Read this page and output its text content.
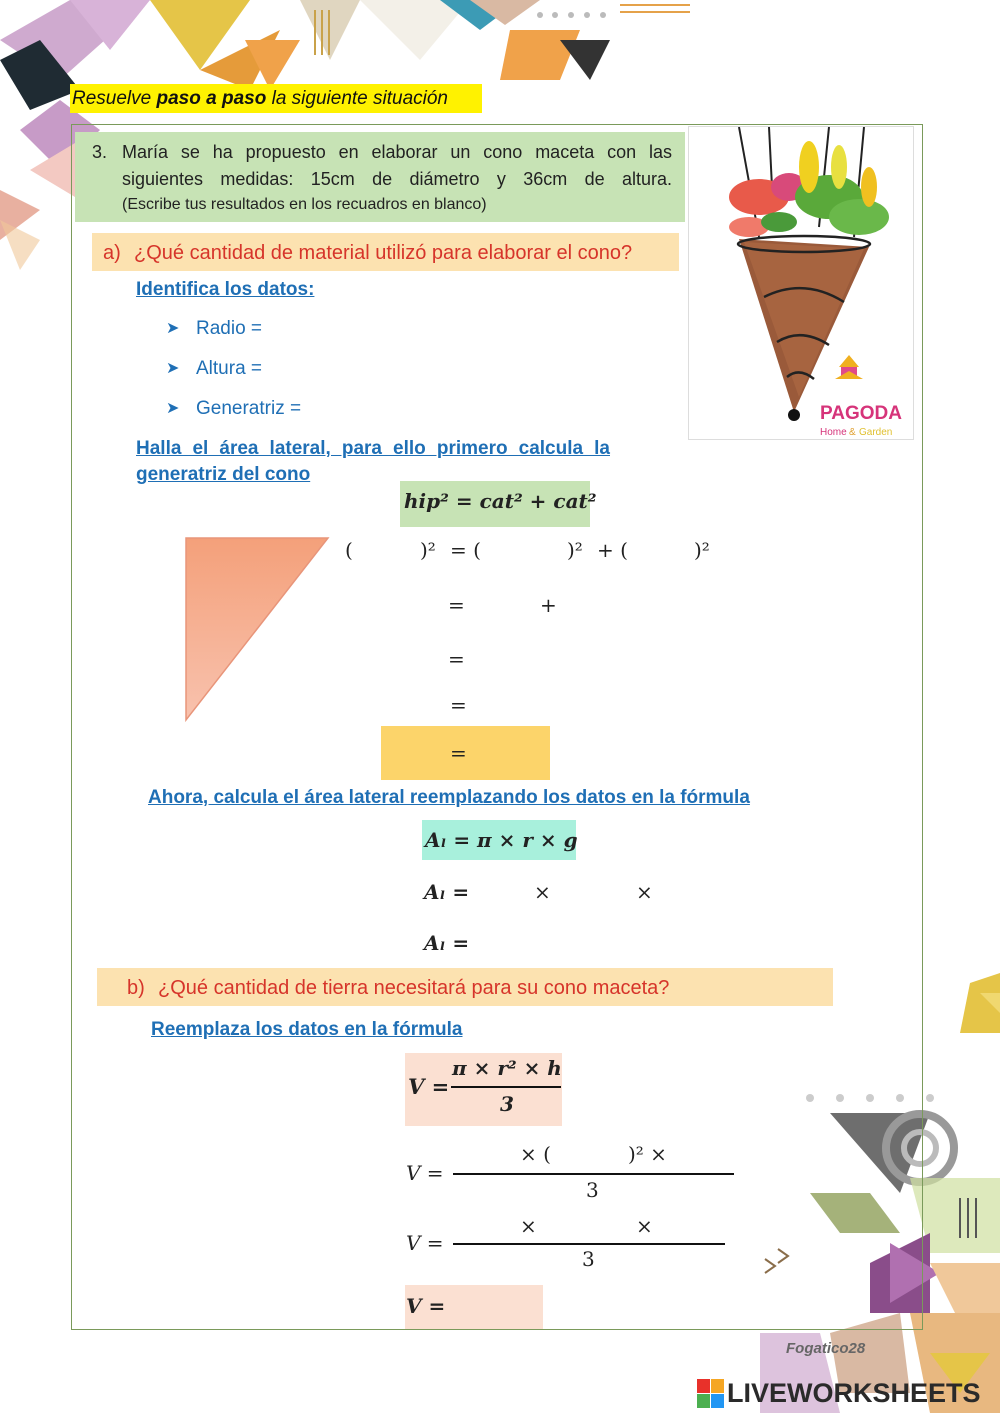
Resuelve paso a paso la siguiente situación
3. María se ha propuesto en elaborar un cono maceta con las
siguientes medidas: 15cm de diámetro y 36cm de altura.
(Escribe tus resultados en los recuadros en blanco)
PAGODA
Home & Garden
a) ¿Qué cantidad de material utilizó para elaborar el cono?
Identifica los datos:
➤ Radio =
➤ Altura =
➤ Generatriz =
Halla el área lateral, para ello primero calcula la
generatriz del cono
hip² = cat² + cat²
(	)² = (	)² + (	)²
=	+
=
=
=
Ahora, calcula el área lateral reemplazando los datos en la fórmula
Aₗ = π × r × g
Aₗ =	×	×
Aₗ =
b) ¿Qué cantidad de tierra necesitará para su cono maceta?
Reemplaza los datos en la fórmula
V =
π × r² × h
3
V =
× (	)² ×
3
V =
×	×
3
V =
Fogatico28
LIVEWORKSHEETS
